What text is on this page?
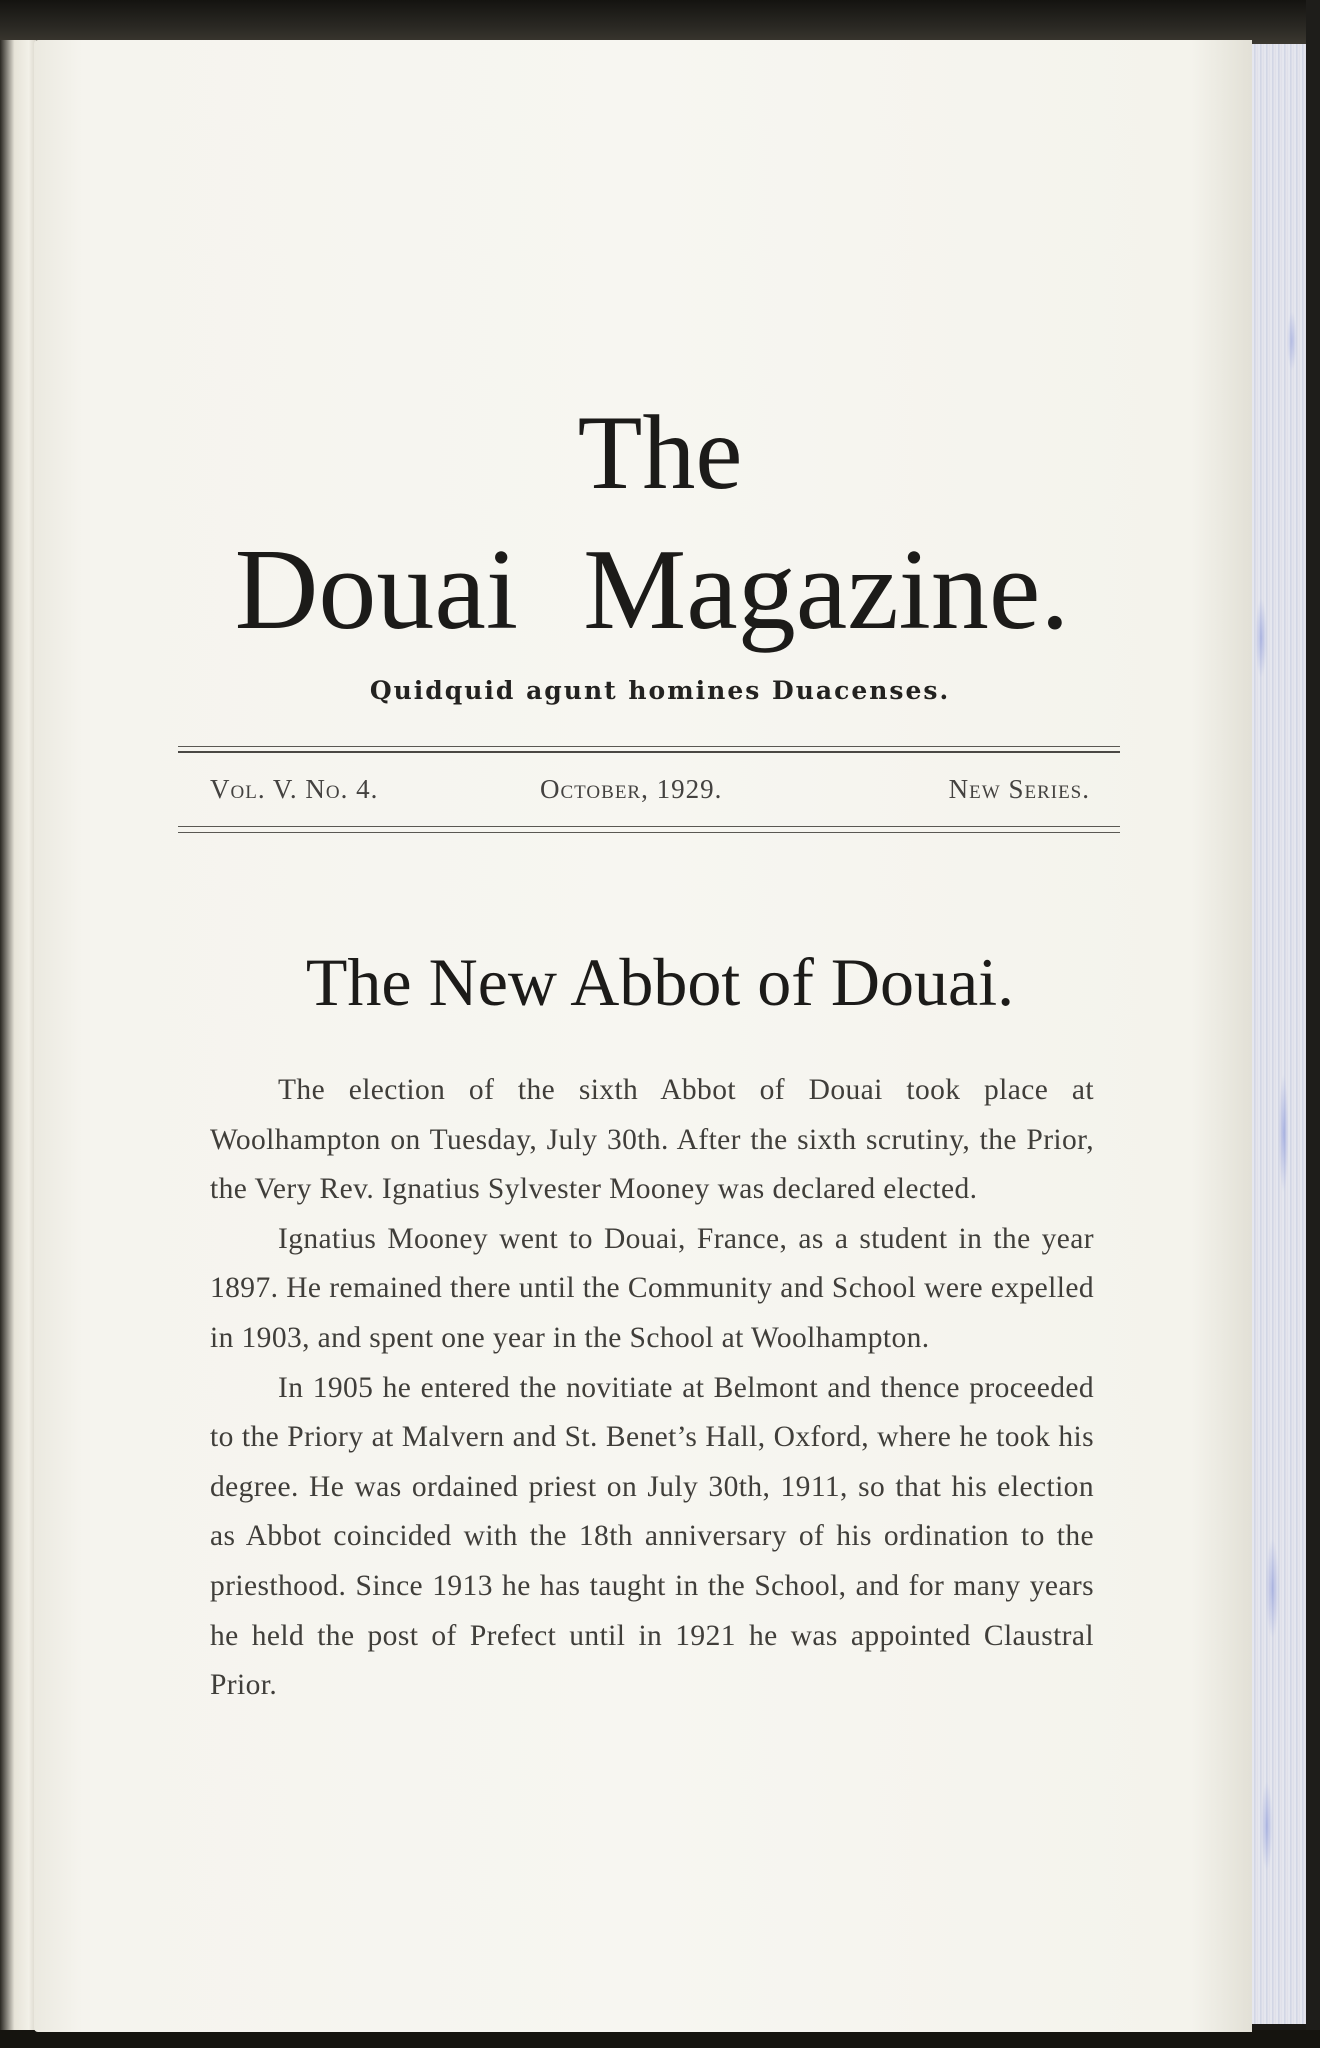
The
Douai Magazine.
Quidquid agunt homines Duacenses.
Vol. V. No. 4.	October, 1929.	New Series.
The New Abbot of Douai.

The election of the sixth Abbot of Douai took place at Woolhampton on Tuesday, July 30th. After the sixth scrutiny, the Prior, the Very Rev. Ignatius Sylvester Mooney was declared elected.

Ignatius Mooney went to Douai, France, as a student in the year 1897. He remained there until the Community and School were expelled in 1903, and spent one year in the School at Woolhampton.

In 1905 he entered the novitiate at Belmont and thence proceeded to the Priory at Malvern and St. Benet’s Hall, Oxford, where he took his degree. He was ordained priest on July 30th, 1911, so that his election as Abbot coincided with the 18th anniversary of his ordination to the priesthood. Since 1913 he has taught in the School, and for many years he held the post of Prefect until in 1921 he was appointed Claustral Prior.
